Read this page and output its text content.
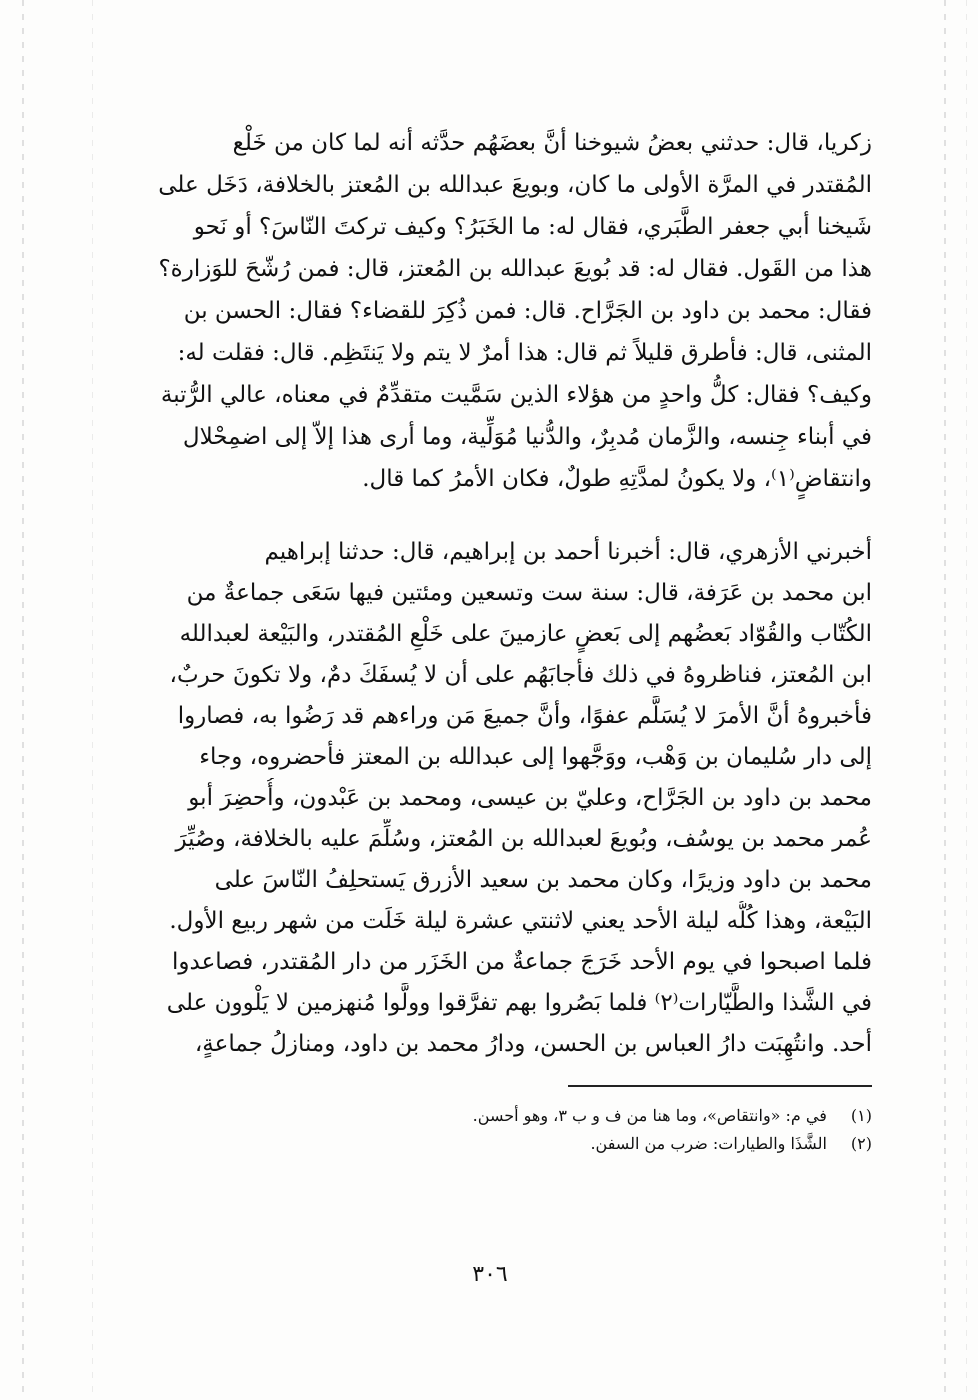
زكريا، قال: حدثني بعضُ شيوخنا أنَّ بعضَهُم حدَّثه أنه لما كان من خَلْع
المُقتدر في المرَّة الأولى ما كان، وبويعَ عبدالله بن المُعتز بالخلافة، دَخَل على
شَيخنا أبي جعفر الطَّبَري، فقال له: ما الخَبَرُ؟ وكيف تركتَ النّاسَ؟ أو نَحو
هذا من القَول. فقال له: قد بُويعَ عبدالله بن المُعتز، قال: فمن رُشّحَ للوَزارة؟
فقال: محمد بن داود بن الجَرَّاح. قال: فمن ذُكِرَ للقضاء؟ فقال: الحسن بن
المثنى، قال: فأطرق قليلاً ثم قال: هذا أمرٌ لا يتم ولا يَنتَظِم. قال: فقلت له:
وكيف؟ فقال: كلُّ واحدٍ من هؤلاء الذين سَمَّيت متقدِّمٌ في معناه، عالي الرُّتبة
في أبناء جِنسه، والزَّمان مُدبِرٌ، والدُّنيا مُوَلِّية، وما أرى هذا إلاّ إلى اضمِحْلال
وانتقاضٍ⁽١⁾، ولا يكونُ لمدَّتِهِ طولٌ، فكان الأمرُ كما قال.
أخبرني الأزهري، قال: أخبرنا أحمد بن إبراهيم، قال: حدثنا إبراهيم
ابن محمد بن عَرَفة، قال: سنة ست وتسعين ومئتين فيها سَعَى جماعةٌ من
الكُتّاب والقُوّاد بَعضُهم إلى بَعضٍ عازمينَ على خَلْعِ المُقتدر، والبَيْعة لعبدالله
ابن المُعتز، فناظروهُ في ذلك فأجابَهُم على أن لا يُسفَكَ دمٌ، ولا تكونَ حربٌ،
فأخبروهُ أنَّ الأمرَ لا يُسَلَّم عفوًا، وأنَّ جميعَ مَن وراءهم قد رَضُوا به، فصاروا
إلى دار سُليمان بن وَهْب، ووَجَّهوا إلى عبدالله بن المعتز فأحضروه، وجاء
محمد بن داود بن الجَرَّاح، وعليّ بن عيسى، ومحمد بن عَبْدون، وأُحضِرَ أبو
عُمر محمد بن يوسُف، وبُويعَ لعبدالله بن المُعتز، وسُلِّمَ عليه بالخلافة، وصُيِّرَ
محمد بن داود وزيرًا، وكان محمد بن سعيد الأزرق يَستحلِفُ النّاسَ على
البَيْعة، وهذا كُلُّه ليلة الأحد يعني لاثنتي عشرة ليلة خَلَت من شهر ربيع الأول.
فلما اصبحوا في يوم الأحد خَرَجَ جماعةٌ من الخَزَر من دار المُقتدر، فصاعدوا
في الشَّذا والطَّيّارات⁽٢⁾ فلما بَصُروا بهم تفرَّقوا وولَّوا مُنهزمين لا يَلْوون على
أحد. وانتُهِبَت دارُ العباس بن الحسن، ودارُ محمد بن داود، ومنازلُ جماعةٍ،
(١) في م: «وانتقاص»، وما هنا من ف و ب ٣، وهو أحسن.
(٢) الشَّذَا والطيارات: ضرب من السفن.
٣٠٦
